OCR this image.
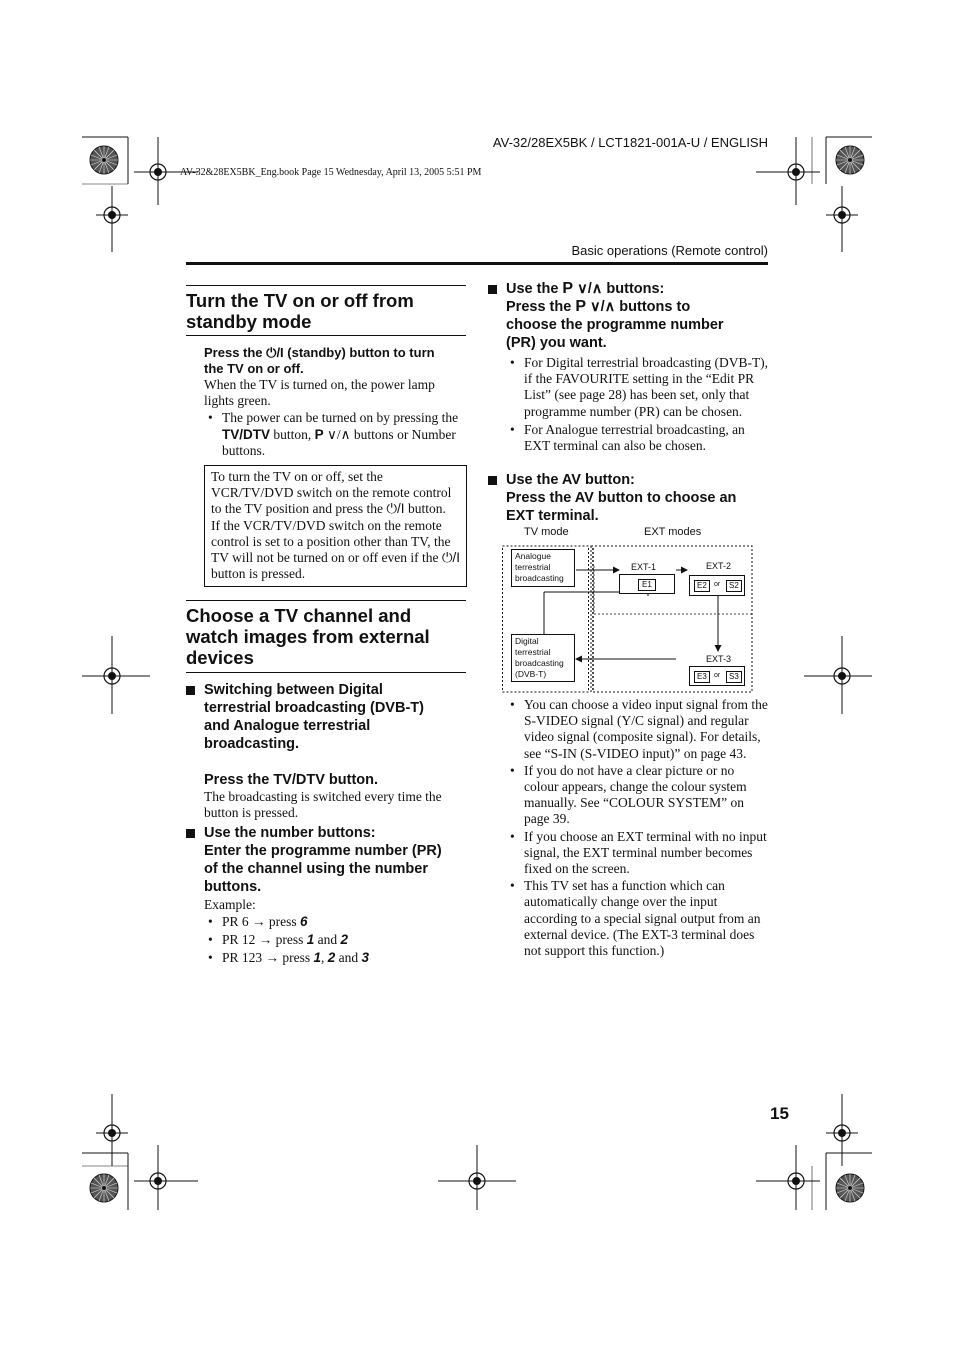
AV-32/28EX5BK / LCT1821-001A-U / ENGLISH
AV-32&28EX5BK_Eng.book Page 15 Wednesday, April 13, 2005 5:51 PM
Basic operations (Remote control)
Turn the TV on or off from
standby mode
Press the ⏻/I (standby) button to turn
the TV on or off.
When the TV is turned on, the power lamp lights green.
• The power can be turned on by pressing the TV/DTV button, P ∨/∧ buttons or Number buttons.
To turn the TV on or off, set the VCR/TV/DVD switch on the remote control to the TV position and press the ⏻/I button.
If the VCR/TV/DVD switch on the remote control is set to a position other than TV, the TV will not be turned on or off even if the ⏻/I button is pressed.
Choose a TV channel and
watch images from external
devices
Switching between Digital
terrestrial broadcasting (DVB-T)
and Analogue terrestrial
broadcasting.
Press the TV/DTV button.
The broadcasting is switched every time the button is pressed.
Use the number buttons:
Enter the programme number (PR)
of the channel using the number
buttons.
Example:
• PR 6 → press 6
• PR 12 → press 1 and 2
• PR 123 → press 1, 2 and 3
Use the P ∨/∧ buttons:
Press the P ∨/∧ buttons to
choose the programme number
(PR) you want.
• For Digital terrestrial broadcasting (DVB-T), if the FAVOURITE setting in the “Edit PR List” (see page 28) has been set, only that programme number (PR) can be chosen.
• For Analogue terrestrial broadcasting, an EXT terminal can also be chosen.
Use the AV button:
Press the AV button to choose an
EXT terminal.
TV mode	EXT modes
Analogue
terrestrial
broadcasting
Digital
terrestrial
broadcasting
(DVB-T)
EXT-1
E1
EXT-2
E2	or	S2
EXT-3
E3	or	S3
• You can choose a video input signal from the S-VIDEO signal (Y/C signal) and regular video signal (composite signal). For details, see “S-IN (S-VIDEO input)” on page 43.
• If you do not have a clear picture or no colour appears, change the colour system manually. See “COLOUR SYSTEM” on page 39.
• If you choose an EXT terminal with no input signal, the EXT terminal number becomes fixed on the screen.
• This TV set has a function which can automatically change over the input according to a special signal output from an external device. (The EXT-3 terminal does not support this function.)
15
